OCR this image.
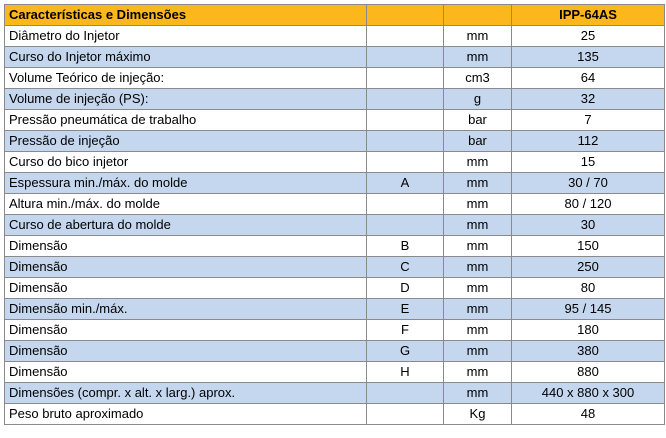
Características e Dimensões			IPP-64AS
Diâmetro do Injetor		mm	25
Curso do Injetor máximo		mm	135
Volume Teórico de injeção:		cm3	64
Volume de injeção (PS):		g	32
Pressão pneumática de trabalho		bar	7
Pressão de injeção		bar	112
Curso do bico injetor		mm	15
Espessura min./máx. do molde	A	mm	30 / 70
Altura min./máx. do molde		mm	80 / 120
Curso de abertura do molde		mm	30
Dimensão	B	mm	150
Dimensão	C	mm	250
Dimensão	D	mm	80
Dimensão min./máx.	E	mm	95 / 145
Dimensão	F	mm	180
Dimensão	G	mm	380
Dimensão	H	mm	880
Dimensões (compr. x alt. x larg.) aprox.		mm	440 x 880 x 300
Peso bruto aproximado		Kg	48
